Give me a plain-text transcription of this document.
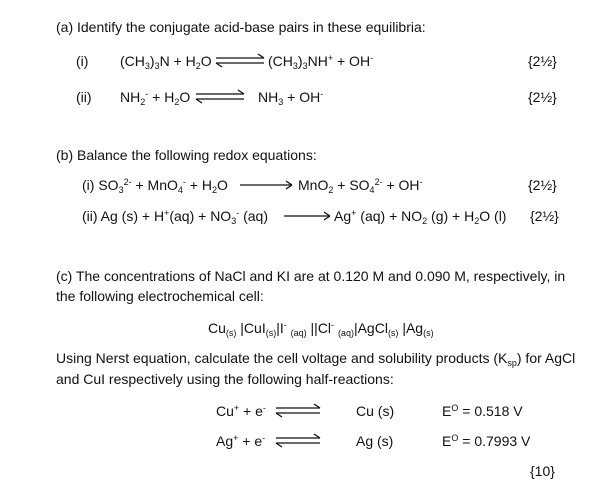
(a) Identify the conjugate acid-base pairs in these equilibria:
(i) $(CH_3)_3N + H_2O$ ⇌ $(CH_3)_3NH^+ + OH^-$	{2½}
(ii) $NH_2^- + H_2O$ ⇌ $NH_3 + OH^-$	{2½}
(b) Balance the following redox equations:
(i) $SO_3^{2-} + MnO_4^- + H_2O$	$MnO_2 + SO_4^{2-} + OH^-$	{2½}
(ii) Ag $(s) + H^+(aq) + NO_3^-$ (aq)	Ag+ $(aq) + NO_2$ $(g) + H_2O$ (l) {2½}
(c) The concentrations of NaCl and KI are at 0.120 M and 0.090 M, respectively, in
the following electrochemical cell:
$Cu_{(s)}$ |CuI$_{(s)}$|I- $_{(aq)}$ ||Cl- $_{(aq)}$|AgCl$_{(s)}$ $|Ag_{(s)}$
Using Nerst equation, calculate the cell voltage and solubility products $(K_{sp})$ for AgCl
and CuI respectively using the following half-reactions:
Cu+ + e- ⇌ Cu (s)	$E^O = 0.518$ V
Ag+ + e- ⇌ Ag (s)	$E^O = 0.7993$ V
{10}
